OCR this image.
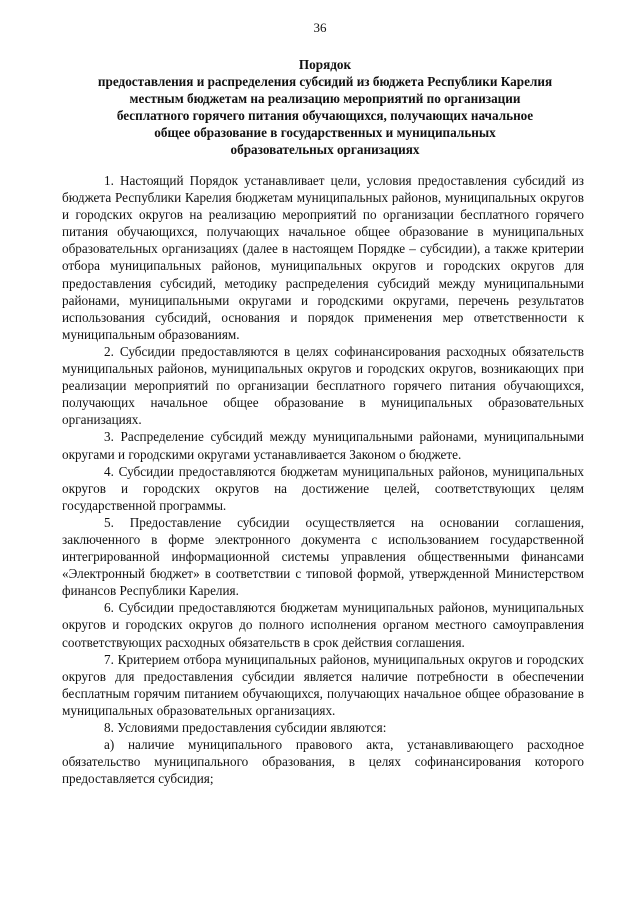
36
Порядок
предоставления и распределения субсидий из бюджета Республики Карелия
местным бюджетам на реализацию мероприятий по организации
бесплатного горячего питания обучающихся, получающих начальное
общее образование в государственных и муниципальных
образовательных организациях

1. Настоящий Порядок устанавливает цели, условия предоставления субсидий из бюджета Республики Карелия бюджетам муниципальных районов, муниципальных округов и городских округов на реализацию мероприятий по организации бесплатного горячего питания обучающихся, получающих начальное общее образование в муниципальных образовательных организациях (далее в настоящем Порядке – субсидии), а также критерии отбора муниципальных районов, муниципальных округов и городских округов для предоставления субсидий, методику распределения субсидий между муниципальными районами, муниципальными округами и городскими округами, перечень результатов использования субсидий, основания и порядок применения мер ответственности к муниципальным образованиям.

2. Субсидии предоставляются в целях софинансирования расходных обязательств муниципальных районов, муниципальных округов и городских округов, возникающих при реализации мероприятий по организации бесплатного горячего питания обучающихся, получающих начальное общее образование в муниципальных образовательных организациях.

3. Распределение субсидий между муниципальными районами, муниципальными округами и городскими округами устанавливается Законом о бюджете.

4. Субсидии предоставляются бюджетам муниципальных районов, муниципальных округов и городских округов на достижение целей, соответствующих целям государственной программы.

5. Предоставление субсидии осуществляется на основании соглашения, заключенного в форме электронного документа с использованием государственной интегрированной информационной системы управления общественными финансами «Электронный бюджет» в соответствии с типовой формой, утвержденной Министерством финансов Республики Карелия.

6. Субсидии предоставляются бюджетам муниципальных районов, муниципальных округов и городских округов до полного исполнения органом местного самоуправления соответствующих расходных обязательств в срок действия соглашения.

7. Критерием отбора муниципальных районов, муниципальных округов и городских округов для предоставления субсидии является наличие потребности в обеспечении бесплатным горячим питанием обучающихся, получающих начальное общее образование в муниципальных образовательных организациях.

8. Условиями предоставления субсидии являются:

а) наличие муниципального правового акта, устанавливающего расходное обязательство муниципального образования, в целях софинансирования которого предоставляется субсидия;
